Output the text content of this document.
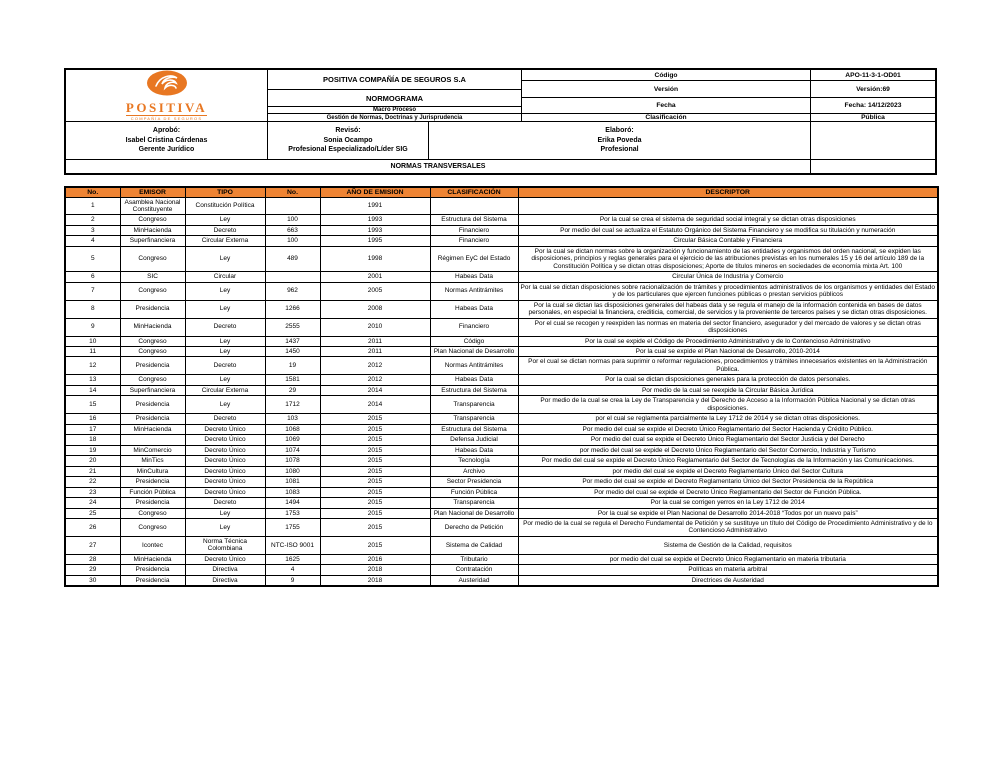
POSITIVA
COMPAÑÍA DE SEGUROS
POSITIVA COMPAÑÍA DE SEGUROS S.A
NORMOGRAMA
Macro Proceso
Gestión de Normas, Doctrinas y Jurisprudencia
Código	APO-11-3-1-OD01
Versión	Versión:69
Fecha	Fecha: 14/12/2023
Clasificación	Pública
Aprobó:
Isabel Cristina Cárdenas
Gerente Jurídico
Revisó:
Sonia Ocampo
Profesional Especializado/Líder SIG
Elaboró:
Erika Poveda
Profesional
NORMAS TRANSVERSALES
No.	EMISOR	TIPO	No.	AÑO DE EMISION	CLASIFICACIÓN	DESCRIPTOR
1	Asamblea Nacional Constituyente	Constitución Política		1991		
2	Congreso	Ley	100	1993	Estructura del Sistema	Por la cual se crea el sistema de seguridad social integral y se dictan otras disposiciones
3	MinHacienda	Decreto	663	1993	Financiero	Por medio del cual se actualiza el Estatuto Orgánico del Sistema Financiero y se modifica su titulación y numeración
4	Superfinanciera	Circular Externa	100	1995	Financiero	Circular Básica Contable y Financiera
5	Congreso	Ley	489	1998	Régimen EyC del Estado	Por la cual se dictan normas sobre la organización y funcionamiento de las entidades y organismos del orden nacional, se expiden las disposiciones, principios y reglas generales para el ejercicio de las atribuciones previstas en los numerales 15 y 16 del artículo 189 de la Constitución Política y se dictan otras disposiciones; Aporte de títulos mineros en sociedades de economía mixta Art. 100
6	SIC	Circular		2001	Habeas Data	Circular Única de Industria y Comercio
7	Congreso	Ley	962	2005	Normas Antitrámites	Por la cual se dictan disposiciones sobre racionalización de trámites y procedimientos administrativos de los organismos y entidades del Estado y de los particulares que ejercen funciones públicas o prestan servicios públicos
8	Presidencia	Ley	1266	2008	Habeas Data	Por la cual se dictan las disposiciones generales del habeas data y se regula el manejo de la información contenida en bases de datos personales, en especial la financiera, crediticia, comercial, de servicios y la proveniente de terceros países y se dictan otras disposiciones.
9	MinHacienda	Decreto	2555	2010	Financiero	Por el cual se recogen y reexpiden las normas en materia del sector financiero, asegurador y del mercado de valores y se dictan otras disposiciones
10	Congreso	Ley	1437	2011	Código	Por la cual se expide el Código de Procedimiento Administrativo y de lo Contencioso Administrativo
11	Congreso	Ley	1450	2011	Plan Nacional de Desarrollo	Por la cual se expide el Plan Nacional de Desarrollo, 2010-2014
12	Presidencia	Decreto	19	2012	Normas Antitrámites	Por el cual se dictan normas para suprimir o reformar regulaciones, procedimientos y trámites innecesarios existentes en la Administración Pública.
13	Congreso	Ley	1581	2012	Habeas Data	Por la cual se dictan disposiciones generales para la protección de datos personales.
14	Superfinanciera	Circular Externa	29	2014	Estructura del Sistema	Por medio de la cual se reexpide la Circular Básica Jurídica
15	Presidencia	Ley	1712	2014	Transparencia	Por medio de la cual se crea la Ley de Transparencia y del Derecho de Acceso a la Información Pública Nacional y se dictan otras disposiciones.
16	Presidencia	Decreto	103	2015	Transparencia	por el cual se reglamenta parcialmente la Ley 1712 de 2014 y se dictan otras disposiciones.
17	MinHacienda	Decreto Único	1068	2015	Estructura del Sistema	Por medio del cual se expide el Decreto Único Reglamentario del Sector Hacienda y Crédito Público.
18		Decreto Único	1069	2015	Defensa Judicial	Por medio del cual se expide el Decreto Único Reglamentario del Sector Justicia y del Derecho
19	MinComercio	Decreto Único	1074	2015	Habeas Data	por medio del cual se expide el Decreto Único Reglamentario del Sector Comercio, Industria y Turismo
20	MinTics	Decreto Único	1078	2015	Tecnología	Por medio del cual se expide el Decreto Único Reglamentario del Sector de Tecnologías de la Información y las Comunicaciones.
21	MinCultura	Decreto Único	1080	2015	Archivo	por medio del cual se expide el Decreto Reglamentario Único del Sector Cultura
22	Presidencia	Decreto Único	1081	2015	Sector Presidencia	Por medio del cual se expide el Decreto Reglamentario Único del Sector Presidencia de la República
23	Función Pública	Decreto Único	1083	2015	Función Pública	Por medio del cual se expide el Decreto Único Reglamentario del Sector de Función Pública.
24	Presidencia	Decreto	1494	2015	Transparencia	Por la cual se corrigen yerros en la Ley 1712 de 2014
25	Congreso	Ley	1753	2015	Plan Nacional de Desarrollo	Por la cual se expide el Plan Nacional de Desarrollo 2014-2018 “Todos por un nuevo país”
26	Congreso	Ley	1755	2015	Derecho de Petición	Por medio de la cual se regula el Derecho Fundamental de Petición y se sustituye un título del Código de Procedimiento Administrativo y de lo Contencioso Administrativo
27	Icontec	Norma Técnica Colombiana	NTC-ISO 9001	2015	Sistema de Calidad	Sistema de Gestión de la Calidad, requisitos
28	MinHacienda	Decreto Único	1625	2016	Tributario	por medio del cual se expide el Decreto Único Reglamentario en materia tributaria
29	Presidencia	Directiva	4	2018	Contratación	Políticas en materia arbitral
30	Presidencia	Directiva	9	2018	Austeridad	Directrices de Austeridad
